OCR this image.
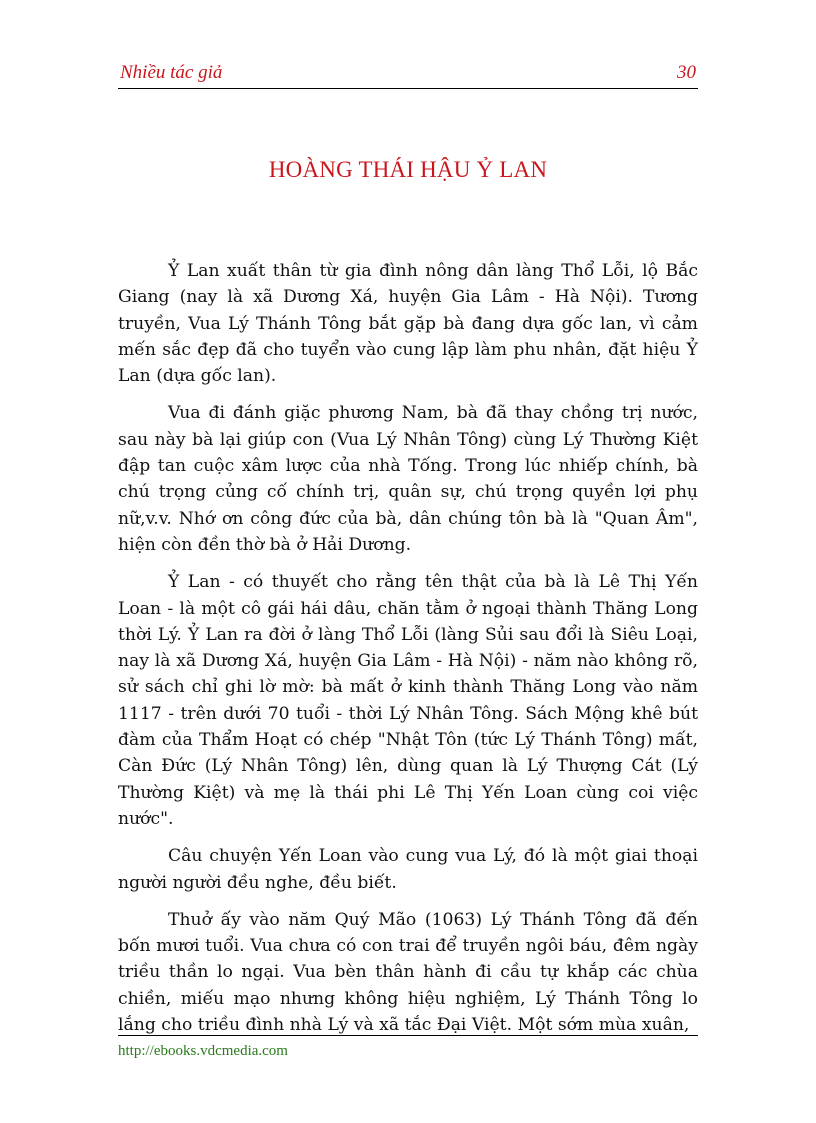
Nhiều tác giả	30
HOÀNG THÁI HẬU Ỷ LAN

Ỷ Lan xuất thân từ gia đình nông dân làng Thổ Lỗi, lộ Bắc Giang (nay là xã Dương Xá, huyện Gia Lâm - Hà Nội). Tương truyền, Vua Lý Thánh Tông bắt gặp bà đang dựa gốc lan, vì cảm mến sắc đẹp đã cho tuyển vào cung lập làm phu nhân, đặt hiệu Ỷ Lan (dựa gốc lan).

Vua đi đánh giặc phương Nam, bà đã thay chồng trị nước, sau này bà lại giúp con (Vua Lý Nhân Tông) cùng Lý Thường Kiệt đập tan cuộc xâm lược của nhà Tống. Trong lúc nhiếp chính, bà chú trọng củng cố chính trị, quân sự, chú trọng quyền lợi phụ nữ,v.v. Nhớ ơn công đức của bà, dân chúng tôn bà là "Quan Âm", hiện còn đền thờ bà ở Hải Dương.

Ỷ Lan - có thuyết cho rằng tên thật của bà là Lê Thị Yến Loan - là một cô gái hái dâu, chăn tằm ở ngoại thành Thăng Long thời Lý. Ỷ Lan ra đời ở làng Thổ Lỗi (làng Sủi sau đổi là Siêu Loại, nay là xã Dương Xá, huyện Gia Lâm - Hà Nội) - năm nào không rõ, sử sách chỉ ghi lờ mờ: bà mất ở kinh thành Thăng Long vào năm 1117 - trên dưới 70 tuổi - thời Lý Nhân Tông. Sách Mộng khê bút đàm của Thẩm Hoạt có chép "Nhật Tôn (tức Lý Thánh Tông) mất, Càn Đức (Lý Nhân Tông) lên, dùng quan là Lý Thượng Cát (Lý Thường Kiệt) và mẹ là thái phi Lê Thị Yến Loan cùng coi việc nước".

Câu chuyện Yến Loan vào cung vua Lý, đó là một giai thoại người người đều nghe, đều biết.

Thuở ấy vào năm Quý Mão (1063) Lý Thánh Tông đã đến bốn mươi tuổi. Vua chưa có con trai để truyền ngôi báu, đêm ngày triều thần lo ngại. Vua bèn thân hành đi cầu tự khắp các chùa chiền, miếu mạo nhưng không hiệu nghiệm, Lý Thánh Tông lo lắng cho triều đình nhà Lý và xã tắc Đại Việt. Một sớm mùa xuân,

http://ebooks.vdcmedia.com
